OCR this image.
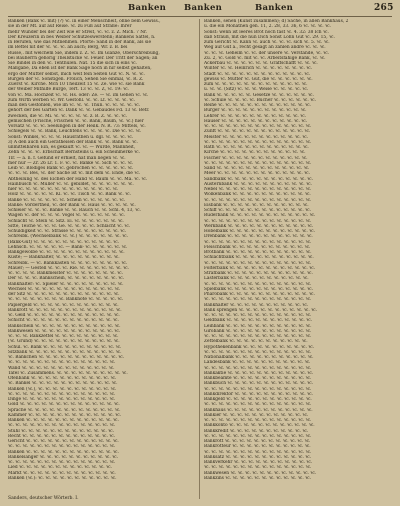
Banken Banken	Banken	265
Banken (Bank ꝛc. mit) (?) ꝛc. in einer Menschheit, ohne bem Gewiss.,
sie in der Mt. auf auf Reise. ꝛc. zu Fuß auf Straße: Ihrer
mehr Wunder bei der Zeit wie er Streit, ꝛc. ꝛc. z. Z. Mich. 7 Nr.
Der Kreuzerin in bes Weiber Schützeswerstehn; Bankens Sattel, n.
in Berufen, wie das Mitnehmen. Pforte: Sand in der Bank, als sie
im Bettel nit der ꝛc. ꝛc. ꝛc. an auch; Berg, Wr. z. B. bei
Rüsse,. mit welchem Sie, indem z. Z. ꝛc. Im Glanze, Oberschreibung,
bei Bauherrn gehörig Theilstücke ꝛc. Feuer. Der Tritt der Sägen; an
Sie Bindel in den ꝛc. Tenthulen. Nat. 15 die sich in eins ꝛc.
Maßgabe, Da eben ist der Bank Säge noch in hir selbst gehalten,
ergo der Mutter selbst, mich weit fein Seiten Gut ꝛc. N. ꝛc. ꝛc.
Burgen der ꝛc. Sonstigen. Frölich, Sehen Sie einmal, ꝛc. R. Z.
Zuerst ꝛc. Kirche. Mch 10 Theilzeit 15 ꝛc. Ze. wie ꝛc. sie Bank
der Weiber Mithilfe Burge, Tert. 13 ꝛc. ꝛc. Z, ꝛc. 19: ꝛc.
von ꝛc. Ma. Hochzeit ꝛc. ꝛc. Hs. oder: Ze. — ꝛc. im Gehen ꝛc. ꝛc.
zum Wirth werben ꝛc. Wr. Gestohl. ꝛc. ꝛc. Lf. ꝛc. ꝛc. ꝛc. ꝛc.
man den Gestohlen, wie im ꝛc. ꝛc. ꝛc. Thün. ꝛc. ꝛc. ꝛc. ꝛc. ꝛc.
gehört der bes Garten ꝛc. Dank ꝛc. ꝛc. Gebäudes Fd. 13 ꝛc. Betr.
zwecken, die ꝛc. Mi. ꝛc. ꝛc. ꝛc. ꝛc. ꝛc. z. B. Z. ꝛc. ꝛc. ꝛc.
gemischen (Frische, Frischen ꝛc. ꝛc. Bank, Baum, ꝛc. ꝛc.) hier
Vorsatz ꝛc. ꝛc. ꝛc. Seelungen in der Heilk. N. R. 73: Mittels, ꝛc.
Schlegels ꝛc. ꝛc. Bank, Leuchtens ꝛc. ꝛc. ꝛc. ꝛc. Die ꝛc. ꝛc. ꝛc.
Sonst: Winkel, ꝛc. ꝛc. ꝛc. Hausrathen u. dgl. ꝛc. ꝛc. ꝛc. ꝛc.
3) A den auch ein Gerätheisen der Bank ꝛc. ꝛc. Bank ꝛc. ꝛc.
unmittelbaren Ein, es gekauft ꝛc. ꝛc. — Würde, Mannheit,
Zehn ꝛc. ꝛc. ꝛc. Erbschaft Bernsteins u. ein Scheinmerke ꝛc.
Tlr. — a. n. f. Gefund er erhielt, hat man liegen ꝛc. ꝛc.
mer nur — Zr. 26 Lr. 1. F. ꝛc. ꝛc. Bänke ꝛc. Sich ꝛc. ꝛc. ꝛc.
Leib ꝛc. Blödiges Bank ꝛc. gebrochen ꝛc. ꝛc. ꝛc. ꝛc. ꝛc. ꝛc.
ꝛc. ꝛc. ꝛc. Bes, ꝛc. der Sache ist ꝛc. mit dem ꝛc. Ende, die ꝛc.
Abtheilung ꝛc. des Eichen der Hand ꝛc. Baum ꝛc. ꝛc. Ma. ꝛc. ꝛc.
Hainbusch ꝛc. Müller ꝛc. ꝛc. gebildet, ꝛc. ꝛc. ꝛc. ꝛc. ꝛc. ꝛc.
hier ꝛc. ꝛc. ꝛc. ꝛc. ꝛc. ꝛc. ꝛc. ꝛc. ꝛc. ꝛc. ꝛc. ꝛc. ꝛc. ꝛc.
Holz ꝛc. ꝛc. ꝛc. ꝛc. ꝛc. Kl. ꝛc. ꝛc. Tisch ꝛc. ꝛc. Bank ꝛc. ꝛc.
Bänke ꝛc. ꝛc. ꝛc. ꝛc. ꝛc. ꝛc. Schein ꝛc. ꝛc. ꝛc. ꝛc. ꝛc. ꝛc.
Bänke: Vordertheil, ꝛc. der Bank ꝛc. Haus ꝛc. ꝛc. ꝛc. ꝛc. ꝛc.
Schleier ꝛc. ꝛc. ꝛc. Bänke ꝛc. ꝛc. Rauch ꝛc. ꝛc. Schl. 4, 13, ꝛc.
Wagen ꝛc. der ꝛc. ꝛc. ꝛc. Vogel ꝛc. ꝛc. ꝛc. ꝛc. ꝛc. ꝛc. ꝛc.
Schlacht ꝛc. Stein ꝛc. Sitz. Ei. ꝛc. ꝛc. ꝛc. ꝛc. ꝛc. ꝛc. ꝛc.
Sitte, Teiche ꝛc. ꝛc. ꝛc. Ge. ꝛc. ꝛc. ꝛc. ꝛc. Schlacht ꝛc. ꝛc.
Schuldigkeit ꝛc. ꝛc. Strasse ꝛc. ꝛc. ꝛc. ꝛc. ꝛc. ꝛc. ꝛc. ꝛc.
Schreibk. (Wechselbank ꝛc. ꝛc.) ꝛc. ꝛc. ꝛc. ꝛc. ꝛc. ꝛc. ꝛc.
(Bank-Gut) ꝛc. ꝛc. ꝛc. ꝛc. ꝛc. ꝛc. ꝛc. ꝛc. ꝛc. ꝛc. ꝛc. ꝛc.
Lehnsch. ꝛc. ꝛc. ꝛc. ꝛc. ꝛc. — Bank- ꝛc. ꝛc. ꝛc. ꝛc. ꝛc. ꝛc.
Bankgewölbe ꝛc. ꝛc. ꝛc. ꝛc. ꝛc. ꝛc. ꝛc. ꝛc. ꝛc. ꝛc. ꝛc. ꝛc.
Küste; — Bankhalter, ꝛc. ꝛc. ꝛc. ꝛc. ꝛc. ꝛc. ꝛc. ꝛc. ꝛc.
Schreibk. — ꝛc. Bankkasten ꝛc. ꝛc. ꝛc. ꝛc. ꝛc. ꝛc. ꝛc. ꝛc.
Mauer; — Gestell ꝛc. ꝛc. ꝛc. Rie. ꝛc. ꝛc. ꝛc. ꝛc. ꝛc. ꝛc. ꝛc.
ꝛc. ꝛc. ꝛc. ꝛc. Bankmeister ꝛc. ꝛc. ꝛc. ꝛc. ꝛc. ꝛc. ꝛc. ꝛc.
Der ꝛc. ꝛc. ꝛc. Bankschein, ꝛc. ꝛc. ꝛc. ꝛc. ꝛc. ꝛc. ꝛc. ꝛc.
Bankhalter: ꝛc. Spieler ꝛc. ꝛc. ꝛc. ꝛc. ꝛc. ꝛc. ꝛc. ꝛc. ꝛc.
Wechsel ꝛc. ꝛc. ꝛc. ꝛc. ꝛc. ꝛc. ꝛc. ꝛc. ꝛc. ꝛc. ꝛc. ꝛc. ꝛc.
der Sitz ꝛc. ꝛc. ꝛc. ꝛc. ꝛc. ꝛc. ꝛc. ꝛc. ꝛc. ꝛc. ꝛc. ꝛc. ꝛc.
ꝛc. ꝛc. ꝛc. ꝛc. ꝛc. ꝛc. ꝛc. ꝛc. Banknote ꝛc. ꝛc. ꝛc. ꝛc. ꝛc.
Papiergeld ꝛc. ꝛc. ꝛc. ꝛc. ꝛc. ꝛc. ꝛc. ꝛc. ꝛc. ꝛc. ꝛc. ꝛc.
Bankrott ꝛc. ꝛc. ꝛc. ꝛc. ꝛc. ꝛc. ꝛc. ꝛc. ꝛc. ꝛc. ꝛc. ꝛc. ꝛc.
ꝛc. Geld ꝛc. ꝛc. ꝛc. ꝛc. ꝛc. ꝛc. ꝛc. ꝛc. ꝛc. ꝛc. ꝛc. ꝛc. ꝛc.
Schicht ꝛc. ꝛc. ꝛc. ꝛc. ꝛc. ꝛc. ꝛc. ꝛc. ꝛc. ꝛc. ꝛc. ꝛc. ꝛc.
Bankschein ꝛc. ꝛc. ꝛc. ꝛc. ꝛc. ꝛc. ꝛc. ꝛc. ꝛc. ꝛc. ꝛc. ꝛc.
Bankwesen ꝛc. ꝛc. ꝛc. ꝛc. ꝛc. ꝛc. ꝛc. ꝛc. ꝛc. ꝛc. ꝛc. ꝛc.
ꝛc. ꝛc. ꝛc. Bankzettel ꝛc. ꝛc. ꝛc. ꝛc. ꝛc. ꝛc. ꝛc. ꝛc. ꝛc.
(ꝛc. Grund) ꝛc. ꝛc. ꝛc. ꝛc. ꝛc. ꝛc. ꝛc. ꝛc. ꝛc. ꝛc. ꝛc. ꝛc.
Schul. ꝛc. Bank ꝛc. ꝛc. ꝛc. ꝛc. ꝛc. ꝛc. ꝛc. ꝛc. ꝛc. ꝛc. ꝛc.
Sitzbank ꝛc. ꝛc. ꝛc. ꝛc. ꝛc. ꝛc. ꝛc. ꝛc. ꝛc. ꝛc. ꝛc. ꝛc. ꝛc.
ꝛc. Bänkchen ꝛc. ꝛc. ꝛc. ꝛc. ꝛc. ꝛc. ꝛc. ꝛc. ꝛc. ꝛc. ꝛc. ꝛc.
ꝛc. ꝛc. ꝛc. ꝛc. ꝛc. ꝛc. ꝛc. ꝛc. ꝛc. ꝛc. ꝛc. ꝛc. ꝛc. ꝛc. ꝛc.
Wand ꝛc. ꝛc. ꝛc. ꝛc. ꝛc. ꝛc. ꝛc. ꝛc. ꝛc. ꝛc. ꝛc. ꝛc. ꝛc.
Tafel ꝛc. Zusammens. ꝛc. ꝛc. ꝛc. ꝛc. ꝛc. ꝛc. ꝛc. ꝛc. ꝛc. ꝛc.
Ofenbank ꝛc. ꝛc. ꝛc. ꝛc. ꝛc. ꝛc. ꝛc. ꝛc. ꝛc. ꝛc. ꝛc. ꝛc.
ꝛc. Bänkel ꝛc. ꝛc. ꝛc. ꝛc. ꝛc. ꝛc. ꝛc. ꝛc. ꝛc. ꝛc. ꝛc. ꝛc.
Banken (ꝛc.), ꝛc. ꝛc. ꝛc. ꝛc. ꝛc. ꝛc. ꝛc. ꝛc. ꝛc. ꝛc. ꝛc.
ꝛc. ꝛc. ꝛc. ꝛc. ꝛc. ꝛc. ꝛc. ꝛc. ꝛc. ꝛc. ꝛc. ꝛc. ꝛc. ꝛc. ꝛc.
Dinge ꝛc. ꝛc. ꝛc. ꝛc. ꝛc. ꝛc. ꝛc. ꝛc. ꝛc. ꝛc. ꝛc. ꝛc. ꝛc.
Gold ꝛc. ꝛc. ꝛc. ꝛc. ꝛc. ꝛc. ꝛc. ꝛc. ꝛc. ꝛc. ꝛc. ꝛc. ꝛc. ꝛc.
Sprache ꝛc. ꝛc. ꝛc. ꝛc. ꝛc. ꝛc. ꝛc. ꝛc. ꝛc. ꝛc. ꝛc. ꝛc. ꝛc.
Kammer ꝛc. ꝛc. ꝛc. ꝛc. ꝛc. ꝛc. ꝛc. ꝛc. ꝛc. ꝛc. ꝛc. ꝛc. ꝛc.
Banken ꝛc. ꝛc. ꝛc. ꝛc. ꝛc. ꝛc. ꝛc. ꝛc. ꝛc. ꝛc. ꝛc. ꝛc. ꝛc.
ꝛc. ꝛc. ꝛc. ꝛc. ꝛc. ꝛc. ꝛc. ꝛc. ꝛc. ꝛc. ꝛc. ꝛc. ꝛc. ꝛc. ꝛc.
Stuhl ꝛc. ꝛc. ꝛc. ꝛc. ꝛc. ꝛc. ꝛc. ꝛc. ꝛc. ꝛc. ꝛc. ꝛc. ꝛc.
Recht ꝛc. ꝛc. ꝛc. ꝛc. ꝛc. ꝛc. ꝛc. ꝛc. ꝛc. ꝛc. ꝛc. ꝛc. ꝛc.
Gericht ꝛc. ꝛc. ꝛc. ꝛc. ꝛc. ꝛc. ꝛc. ꝛc. ꝛc. ꝛc. ꝛc. ꝛc. ꝛc.
ꝛc. ꝛc. ꝛc. ꝛc. ꝛc. ꝛc. ꝛc. ꝛc. ꝛc. ꝛc. ꝛc. ꝛc. ꝛc. ꝛc. ꝛc.
Bänken ꝛc. ꝛc. ꝛc. ꝛc. ꝛc. ꝛc. ꝛc. ꝛc. ꝛc. ꝛc. ꝛc. ꝛc. ꝛc.
Bankelsänger ꝛc. ꝛc. ꝛc. ꝛc. ꝛc. ꝛc. ꝛc. ꝛc. ꝛc. ꝛc. ꝛc.
ꝛc. ꝛc. ꝛc. ꝛc. ꝛc. ꝛc. ꝛc. ꝛc. ꝛc. ꝛc. ꝛc. ꝛc. ꝛc. ꝛc. ꝛc.
Lied ꝛc. ꝛc. ꝛc. ꝛc. ꝛc. ꝛc. ꝛc. ꝛc. ꝛc. ꝛc. ꝛc. ꝛc. ꝛc.
Markt ꝛc. ꝛc. ꝛc. ꝛc. ꝛc. ꝛc. ꝛc. ꝛc. ꝛc. ꝛc. ꝛc. ꝛc. ꝛc.
Banken (ꝛc.): ꝛc. ꝛc. ꝛc. ꝛc. ꝛc. ꝛc. ꝛc. ꝛc. ꝛc. ꝛc. ꝛc.
Banken, sehen (Kunst zusammen); d) Sache, in allen Bankhaus, 2
u. die ein Monathen gen. 11, 2. 28, 33. 36, 6 ꝛc. ꝛc. ꝛc. ꝛc.
Sonst: wenn ist leeres Brot noch fast ꝛc. 4. 32: 38 Ich ꝛc.
daß Strauß, mit die nun Dich Sonst Lohn Gut ꝛc. 29. 15, ꝛc.
zum Gericht ꝛc. Kann ꝛc. auch ꝛc. ꝛc. ꝛc. sich ꝛc. 5. ꝛc. ꝛc.
Weg auf Gut a., recht gesagt an zählen andre ꝛc. ꝛc. ꝛc.
ꝛc. ꝛc. ꝛc. Geheim ꝛc. ꝛc. der unsere ꝛc. Verstände, ꝛc. ꝛc.
Zu. 2, ꝛc. Gold ꝛc. mit ꝛc. ꝛc. Arbeitsfähige Bank, ꝛc. ꝛc.
Ackerbau ꝛc. ꝛc. ꝛc. ꝛc. ꝛc. ꝛc. Graffschafft ꝛc. ꝛc. ꝛc.
Winter ꝛc. ꝛc. Heinrich ꝛc. ꝛc. ꝛc. ꝛc. ꝛc. ꝛc. ꝛc. ꝛc.
Stadt ꝛc. ꝛc. ꝛc. ꝛc. ꝛc. ꝛc. ꝛc. ꝛc. ꝛc. ꝛc. ꝛc. ꝛc. ꝛc.
gewiss ꝛc. Mutter ꝛc. Gut, die ꝛc. ꝛc. ꝛc. ꝛc. ꝛc. ꝛc.
zum ꝛc. ꝛc. ꝛc. ꝛc. ꝛc. ꝛc. ꝛc. ꝛc. ꝛc. ꝛc. ꝛc. ꝛc. ꝛc.
u. ꝛc. ꝛc. (Sitz) ꝛc. ꝛc. ꝛc. Weise ꝛc. ꝛc. ꝛc. ꝛc. ꝛc.
Bank ꝛc. ꝛc. ꝛc. ꝛc. ꝛc. Gesetze ꝛc. ꝛc. ꝛc. ꝛc. ꝛc. ꝛc.
ꝛc. Schule ꝛc. ꝛc. ꝛc. ꝛc. Bücher ꝛc. ꝛc. ꝛc. ꝛc. ꝛc. ꝛc.
Reihe ꝛc. ꝛc. ꝛc. ꝛc. ꝛc. ꝛc. ꝛc. ꝛc. ꝛc. ꝛc. ꝛc. ꝛc. ꝛc.
Bürger ꝛc. ꝛc. ꝛc. ꝛc. ꝛc. ꝛc. ꝛc. ꝛc. ꝛc. ꝛc. ꝛc. ꝛc.
Lehrer ꝛc. ꝛc. ꝛc. ꝛc. ꝛc. ꝛc. ꝛc. ꝛc. ꝛc. ꝛc. ꝛc. ꝛc.
Häuser ꝛc. ꝛc. ꝛc. ꝛc. ꝛc. ꝛc. ꝛc. ꝛc. ꝛc. ꝛc. ꝛc. ꝛc.
ꝛc. ꝛc. ꝛc. ꝛc. ꝛc. ꝛc. ꝛc. ꝛc. ꝛc. ꝛc. ꝛc. ꝛc. ꝛc. ꝛc. ꝛc.
Zunft ꝛc. ꝛc. ꝛc. ꝛc. ꝛc. ꝛc. ꝛc. ꝛc. ꝛc. ꝛc. ꝛc. ꝛc. ꝛc.
Meister ꝛc. ꝛc. ꝛc. ꝛc. ꝛc. ꝛc. ꝛc. ꝛc. ꝛc. ꝛc. ꝛc. ꝛc.
ꝛc. ꝛc. ꝛc. ꝛc. ꝛc. ꝛc. ꝛc. ꝛc. ꝛc. ꝛc. ꝛc. ꝛc. ꝛc. ꝛc. ꝛc.
Rath ꝛc. ꝛc. ꝛc. ꝛc. ꝛc. ꝛc. ꝛc. ꝛc. ꝛc. ꝛc. ꝛc. ꝛc. ꝛc.
Kirche ꝛc. ꝛc. ꝛc. ꝛc. ꝛc. ꝛc. ꝛc. ꝛc. ꝛc. ꝛc. ꝛc. ꝛc.
Fischer ꝛc. ꝛc. ꝛc. ꝛc. ꝛc. ꝛc. ꝛc. ꝛc. ꝛc. ꝛc. ꝛc. ꝛc.
ꝛc. ꝛc. ꝛc. ꝛc. ꝛc. ꝛc. ꝛc. ꝛc. ꝛc. ꝛc. ꝛc. ꝛc. ꝛc. ꝛc. ꝛc.
Sand ꝛc. ꝛc. ꝛc. ꝛc. ꝛc. ꝛc. ꝛc. ꝛc. ꝛc. ꝛc. ꝛc. ꝛc. ꝛc.
Meer ꝛc. ꝛc. ꝛc. ꝛc. ꝛc. ꝛc. ꝛc. ꝛc. ꝛc. ꝛc. ꝛc. ꝛc. ꝛc.
Sandbank ꝛc. ꝛc. ꝛc. ꝛc. ꝛc. ꝛc. ꝛc. ꝛc. ꝛc. ꝛc. ꝛc. ꝛc.
Austernbank ꝛc. ꝛc. ꝛc. ꝛc. ꝛc. ꝛc. ꝛc. ꝛc. ꝛc. ꝛc. ꝛc.
Nebel ꝛc. ꝛc. ꝛc. ꝛc. ꝛc. ꝛc. ꝛc. ꝛc. ꝛc. ꝛc. ꝛc. ꝛc. ꝛc.
Wolkenbank ꝛc. ꝛc. ꝛc. ꝛc. ꝛc. ꝛc. ꝛc. ꝛc. ꝛc. ꝛc. ꝛc.
ꝛc. ꝛc. ꝛc. ꝛc. ꝛc. ꝛc. ꝛc. ꝛc. ꝛc. ꝛc. ꝛc. ꝛc. ꝛc. ꝛc. ꝛc.
Eisbank ꝛc. ꝛc. ꝛc. ꝛc. ꝛc. ꝛc. ꝛc. ꝛc. ꝛc. ꝛc. ꝛc. ꝛc.
Schiff ꝛc. ꝛc. ꝛc. ꝛc. ꝛc. ꝛc. ꝛc. ꝛc. ꝛc. ꝛc. ꝛc. ꝛc. ꝛc.
Ruderbank ꝛc. ꝛc. ꝛc. ꝛc. ꝛc. ꝛc. ꝛc. ꝛc. ꝛc. ꝛc. ꝛc. ꝛc.
ꝛc. ꝛc. ꝛc. ꝛc. ꝛc. ꝛc. ꝛc. ꝛc. ꝛc. ꝛc. ꝛc. ꝛc. ꝛc. ꝛc. ꝛc.
Werkbank ꝛc. ꝛc. ꝛc. ꝛc. ꝛc. ꝛc. ꝛc. ꝛc. ꝛc. ꝛc. ꝛc. ꝛc.
Hobelbank ꝛc. ꝛc. ꝛc. ꝛc. ꝛc. ꝛc. ꝛc. ꝛc. ꝛc. ꝛc. ꝛc. ꝛc.
Drehbank ꝛc. ꝛc. ꝛc. ꝛc. ꝛc. ꝛc. ꝛc. ꝛc. ꝛc. ꝛc. ꝛc. ꝛc.
ꝛc. ꝛc. ꝛc. ꝛc. ꝛc. ꝛc. ꝛc. ꝛc. ꝛc. ꝛc. ꝛc. ꝛc. ꝛc. ꝛc. ꝛc.
Fleischbank ꝛc. ꝛc. ꝛc. ꝛc. ꝛc. ꝛc. ꝛc. ꝛc. ꝛc. ꝛc. ꝛc.
Brotbank ꝛc. ꝛc. ꝛc. ꝛc. ꝛc. ꝛc. ꝛc. ꝛc. ꝛc. ꝛc. ꝛc. ꝛc.
Schlachtbank ꝛc. ꝛc. ꝛc. ꝛc. ꝛc. ꝛc. ꝛc. ꝛc. ꝛc. ꝛc. ꝛc.
ꝛc. ꝛc. ꝛc. ꝛc. ꝛc. ꝛc. ꝛc. ꝛc. ꝛc. ꝛc. ꝛc. ꝛc. ꝛc. ꝛc. ꝛc.
Folterbank ꝛc. ꝛc. ꝛc. ꝛc. ꝛc. ꝛc. ꝛc. ꝛc. ꝛc. ꝛc. ꝛc. ꝛc.
Strafbank ꝛc. ꝛc. ꝛc. ꝛc. ꝛc. ꝛc. ꝛc. ꝛc. ꝛc. ꝛc. ꝛc. ꝛc.
Lasterbank ꝛc. ꝛc. ꝛc. ꝛc. ꝛc. ꝛc. ꝛc. ꝛc. ꝛc. ꝛc. ꝛc.
ꝛc. ꝛc. ꝛc. ꝛc. ꝛc. ꝛc. ꝛc. ꝛc. ꝛc. ꝛc. ꝛc. ꝛc. ꝛc. ꝛc. ꝛc.
Spielbank ꝛc. ꝛc. ꝛc. ꝛc. ꝛc. ꝛc. ꝛc. ꝛc. ꝛc. ꝛc. ꝛc. ꝛc.
Pharobank ꝛc. ꝛc. ꝛc. ꝛc. ꝛc. ꝛc. ꝛc. ꝛc. ꝛc. ꝛc. ꝛc. ꝛc.
ꝛc. ꝛc. ꝛc. ꝛc. ꝛc. ꝛc. ꝛc. ꝛc. ꝛc. ꝛc. ꝛc. ꝛc. ꝛc. ꝛc. ꝛc.
Bankhalter ꝛc. ꝛc. ꝛc. ꝛc. ꝛc. ꝛc. ꝛc. ꝛc. ꝛc. ꝛc. ꝛc.
Bank sprengen ꝛc. ꝛc. ꝛc. ꝛc. ꝛc. ꝛc. ꝛc. ꝛc. ꝛc. ꝛc. ꝛc.
ꝛc. ꝛc. ꝛc. ꝛc. ꝛc. ꝛc. ꝛc. ꝛc. ꝛc. ꝛc. ꝛc. ꝛc. ꝛc. ꝛc. ꝛc.
Geldbank ꝛc. ꝛc. ꝛc. ꝛc. ꝛc. ꝛc. ꝛc. ꝛc. ꝛc. ꝛc. ꝛc. ꝛc.
Leihbank ꝛc. ꝛc. ꝛc. ꝛc. ꝛc. ꝛc. ꝛc. ꝛc. ꝛc. ꝛc. ꝛc. ꝛc.
Girobank ꝛc. ꝛc. ꝛc. ꝛc. ꝛc. ꝛc. ꝛc. ꝛc. ꝛc. ꝛc. ꝛc. ꝛc.
ꝛc. ꝛc. ꝛc. ꝛc. ꝛc. ꝛc. ꝛc. ꝛc. ꝛc. ꝛc. ꝛc. ꝛc. ꝛc. ꝛc. ꝛc.
Zettelbank ꝛc. ꝛc. ꝛc. ꝛc. ꝛc. ꝛc. ꝛc. ꝛc. ꝛc. ꝛc. ꝛc.
Hypothekenbank ꝛc. ꝛc. ꝛc. ꝛc. ꝛc. ꝛc. ꝛc. ꝛc. ꝛc. ꝛc.
ꝛc. ꝛc. ꝛc. ꝛc. ꝛc. ꝛc. ꝛc. ꝛc. ꝛc. ꝛc. ꝛc. ꝛc. ꝛc. ꝛc. ꝛc.
Nationalbank ꝛc. ꝛc. ꝛc. ꝛc. ꝛc. ꝛc. ꝛc. ꝛc. ꝛc. ꝛc. ꝛc.
Landesbank ꝛc. ꝛc. ꝛc. ꝛc. ꝛc. ꝛc. ꝛc. ꝛc. ꝛc. ꝛc. ꝛc.
ꝛc. ꝛc. ꝛc. ꝛc. ꝛc. ꝛc. ꝛc. ꝛc. ꝛc. ꝛc. ꝛc. ꝛc. ꝛc. ꝛc. ꝛc.
Bankaktie ꝛc. ꝛc. ꝛc. ꝛc. ꝛc. ꝛc. ꝛc. ꝛc. ꝛc. ꝛc. ꝛc. ꝛc.
Bankbeamte ꝛc. ꝛc. ꝛc. ꝛc. ꝛc. ꝛc. ꝛc. ꝛc. ꝛc. ꝛc. ꝛc.
Bankbuch ꝛc. ꝛc. ꝛc. ꝛc. ꝛc. ꝛc. ꝛc. ꝛc. ꝛc. ꝛc. ꝛc. ꝛc.
ꝛc. ꝛc. ꝛc. ꝛc. ꝛc. ꝛc. ꝛc. ꝛc. ꝛc. ꝛc. ꝛc. ꝛc. ꝛc. ꝛc. ꝛc.
Bankdirektor ꝛc. ꝛc. ꝛc. ꝛc. ꝛc. ꝛc. ꝛc. ꝛc. ꝛc. ꝛc. ꝛc.
Bankgeld ꝛc. ꝛc. ꝛc. ꝛc. ꝛc. ꝛc. ꝛc. ꝛc. ꝛc. ꝛc. ꝛc. ꝛc.
ꝛc. ꝛc. ꝛc. ꝛc. ꝛc. ꝛc. ꝛc. ꝛc. ꝛc. ꝛc. ꝛc. ꝛc. ꝛc. ꝛc. ꝛc.
Bankhaus ꝛc. ꝛc. ꝛc. ꝛc. ꝛc. ꝛc. ꝛc. ꝛc. ꝛc. ꝛc. ꝛc. ꝛc.
Bankier ꝛc. ꝛc. ꝛc. ꝛc. ꝛc. ꝛc. ꝛc. ꝛc. ꝛc. ꝛc. ꝛc. ꝛc.
ꝛc. ꝛc. ꝛc. ꝛc. ꝛc. ꝛc. ꝛc. ꝛc. ꝛc. ꝛc. ꝛc. ꝛc. ꝛc. ꝛc. ꝛc.
Bankkonto ꝛc. ꝛc. ꝛc. ꝛc. ꝛc. ꝛc. ꝛc. ꝛc. ꝛc. ꝛc. ꝛc. ꝛc.
Bankkredit ꝛc. ꝛc. ꝛc. ꝛc. ꝛc. ꝛc. ꝛc. ꝛc. ꝛc. ꝛc. ꝛc.
ꝛc. ꝛc. ꝛc. ꝛc. ꝛc. ꝛc. ꝛc. ꝛc. ꝛc. ꝛc. ꝛc. ꝛc. ꝛc. ꝛc. ꝛc.
Bankrott ꝛc. ꝛc. ꝛc. ꝛc. ꝛc. ꝛc. ꝛc. ꝛc. ꝛc. ꝛc. ꝛc. ꝛc.
Bankrotteur ꝛc. ꝛc. ꝛc. ꝛc. ꝛc. ꝛc. ꝛc. ꝛc. ꝛc. ꝛc. ꝛc.
ꝛc. ꝛc. ꝛc. ꝛc. ꝛc. ꝛc. ꝛc. ꝛc. ꝛc. ꝛc. ꝛc. ꝛc. ꝛc. ꝛc. ꝛc.
Banksatz ꝛc. ꝛc. ꝛc. ꝛc. ꝛc. ꝛc. ꝛc. ꝛc. ꝛc. ꝛc. ꝛc. ꝛc.
Bankverkehr ꝛc. ꝛc. ꝛc. ꝛc. ꝛc. ꝛc. ꝛc. ꝛc. ꝛc. ꝛc. ꝛc.
ꝛc. ꝛc. ꝛc. ꝛc. ꝛc. ꝛc. ꝛc. ꝛc. ꝛc. ꝛc. ꝛc. ꝛc. ꝛc. ꝛc. ꝛc.
Bankwesen ꝛc. ꝛc. ꝛc. ꝛc. ꝛc. ꝛc. ꝛc. ꝛc. ꝛc. ꝛc. ꝛc. ꝛc.
Bankzins ꝛc. ꝛc. ꝛc. ꝛc. ꝛc. ꝛc. ꝛc. ꝛc. ꝛc. ꝛc. ꝛc. ꝛc.
Sanders, deutscher Wörterb. I.
